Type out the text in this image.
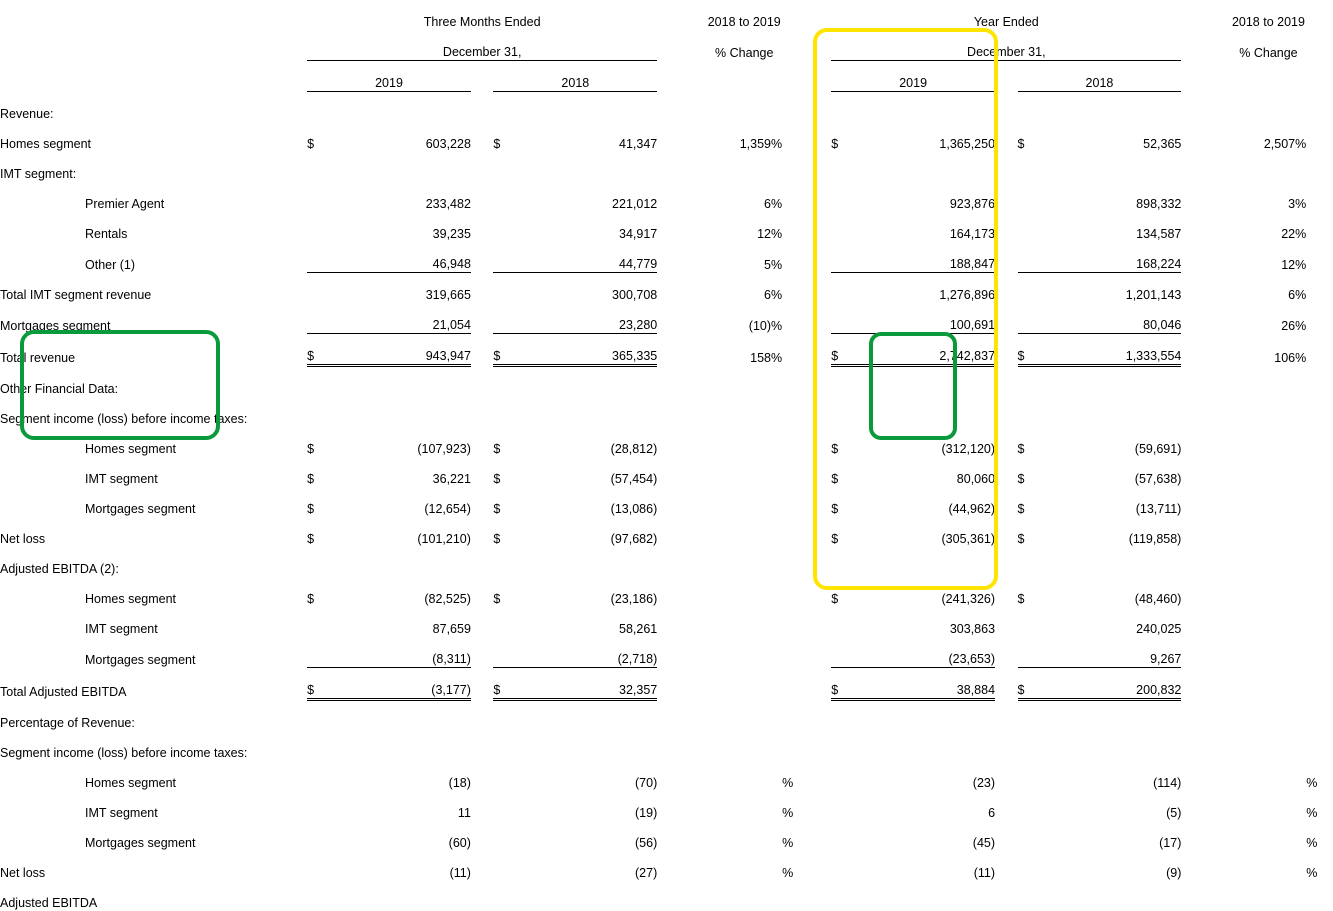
	Three Months Ended						2018 to 2019			Year Ended						2018 to 2019	
	December 31,						% Change			December 31,						% Change	
	2019			2018						2019			2018				
Revenue:																	
Homes segment	$	603,228		$	41,347		1,359%			$	1,365,250		$	52,365		2,507%	
IMT segment:																	
Premier Agent		233,482			221,012		6%				923,876			898,332		3%	
Rentals		39,235			34,917		12%				164,173			134,587		22%	
Other (1)		46,948			44,779		5%				188,847			168,224		12%	
Total IMT segment revenue		319,665			300,708		6%				1,276,896			1,201,143		6%	
Mortgages segment		21,054			23,280		(10)%				100,691			80,046		26%	
Total revenue	$	943,947		$	365,335		158%			$	2,742,837		$	1,333,554		106%	
Other Financial Data:																	
Segment income (loss) before income taxes:																	
Homes segment	$	(107,923)		$	(28,812)					$	(312,120)		$	(59,691)			
IMT segment	$	36,221		$	(57,454)					$	80,060		$	(57,638)			
Mortgages segment	$	(12,654)		$	(13,086)					$	(44,962)		$	(13,711)			
Net loss	$	(101,210)		$	(97,682)					$	(305,361)		$	(119,858)			
Adjusted EBITDA (2):																	
Homes segment	$	(82,525)		$	(23,186)					$	(241,326)		$	(48,460)			
IMT segment		87,659			58,261						303,863			240,025			
Mortgages segment		(8,311)			(2,718)						(23,653)			9,267			
Total Adjusted EBITDA	$	(3,177)		$	32,357					$	38,884		$	200,832			
Percentage of Revenue:																	
Segment income (loss) before income taxes:																	
Homes segment		(18)			(70)			%			(23)			(114)			%
IMT segment		11			(19)			%			6			(5)			%
Mortgages segment		(60)			(56)			%			(45)			(17)			%
Net loss		(11)			(27)			%			(11)			(9)			%
Adjusted EBITDA																	
